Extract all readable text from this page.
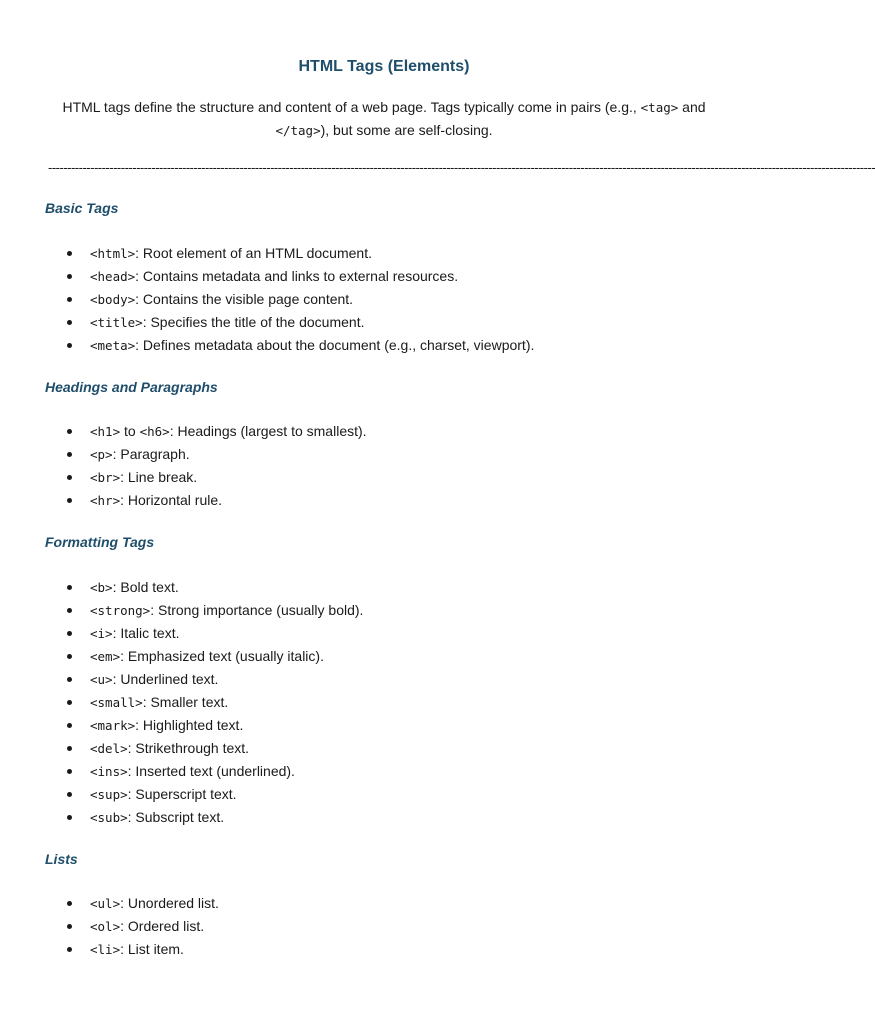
HTML Tags (Elements)

HTML tags define the structure and content of a web page. Tags typically come in pairs (e.g., <tag> and
</tag>), but some are self-closing.

------------------------------------------------------------------------------------------------------------------------------------------------------------------------------------------------------------------------
Basic Tags
<html>: Root element of an HTML document.
<head>: Contains metadata and links to external resources.
<body>: Contains the visible page content.
<title>: Specifies the title of the document.
<meta>: Defines metadata about the document (e.g., charset, viewport).
Headings and Paragraphs
<h1> to <h6>: Headings (largest to smallest).
<p>: Paragraph.
<br>: Line break.
<hr>: Horizontal rule.
Formatting Tags
<b>: Bold text.
<strong>: Strong importance (usually bold).
<i>: Italic text.
<em>: Emphasized text (usually italic).
<u>: Underlined text.
<small>: Smaller text.
<mark>: Highlighted text.
<del>: Strikethrough text.
<ins>: Inserted text (underlined).
<sup>: Superscript text.
<sub>: Subscript text.
Lists
<ul>: Unordered list.
<ol>: Ordered list.
<li>: List item.
